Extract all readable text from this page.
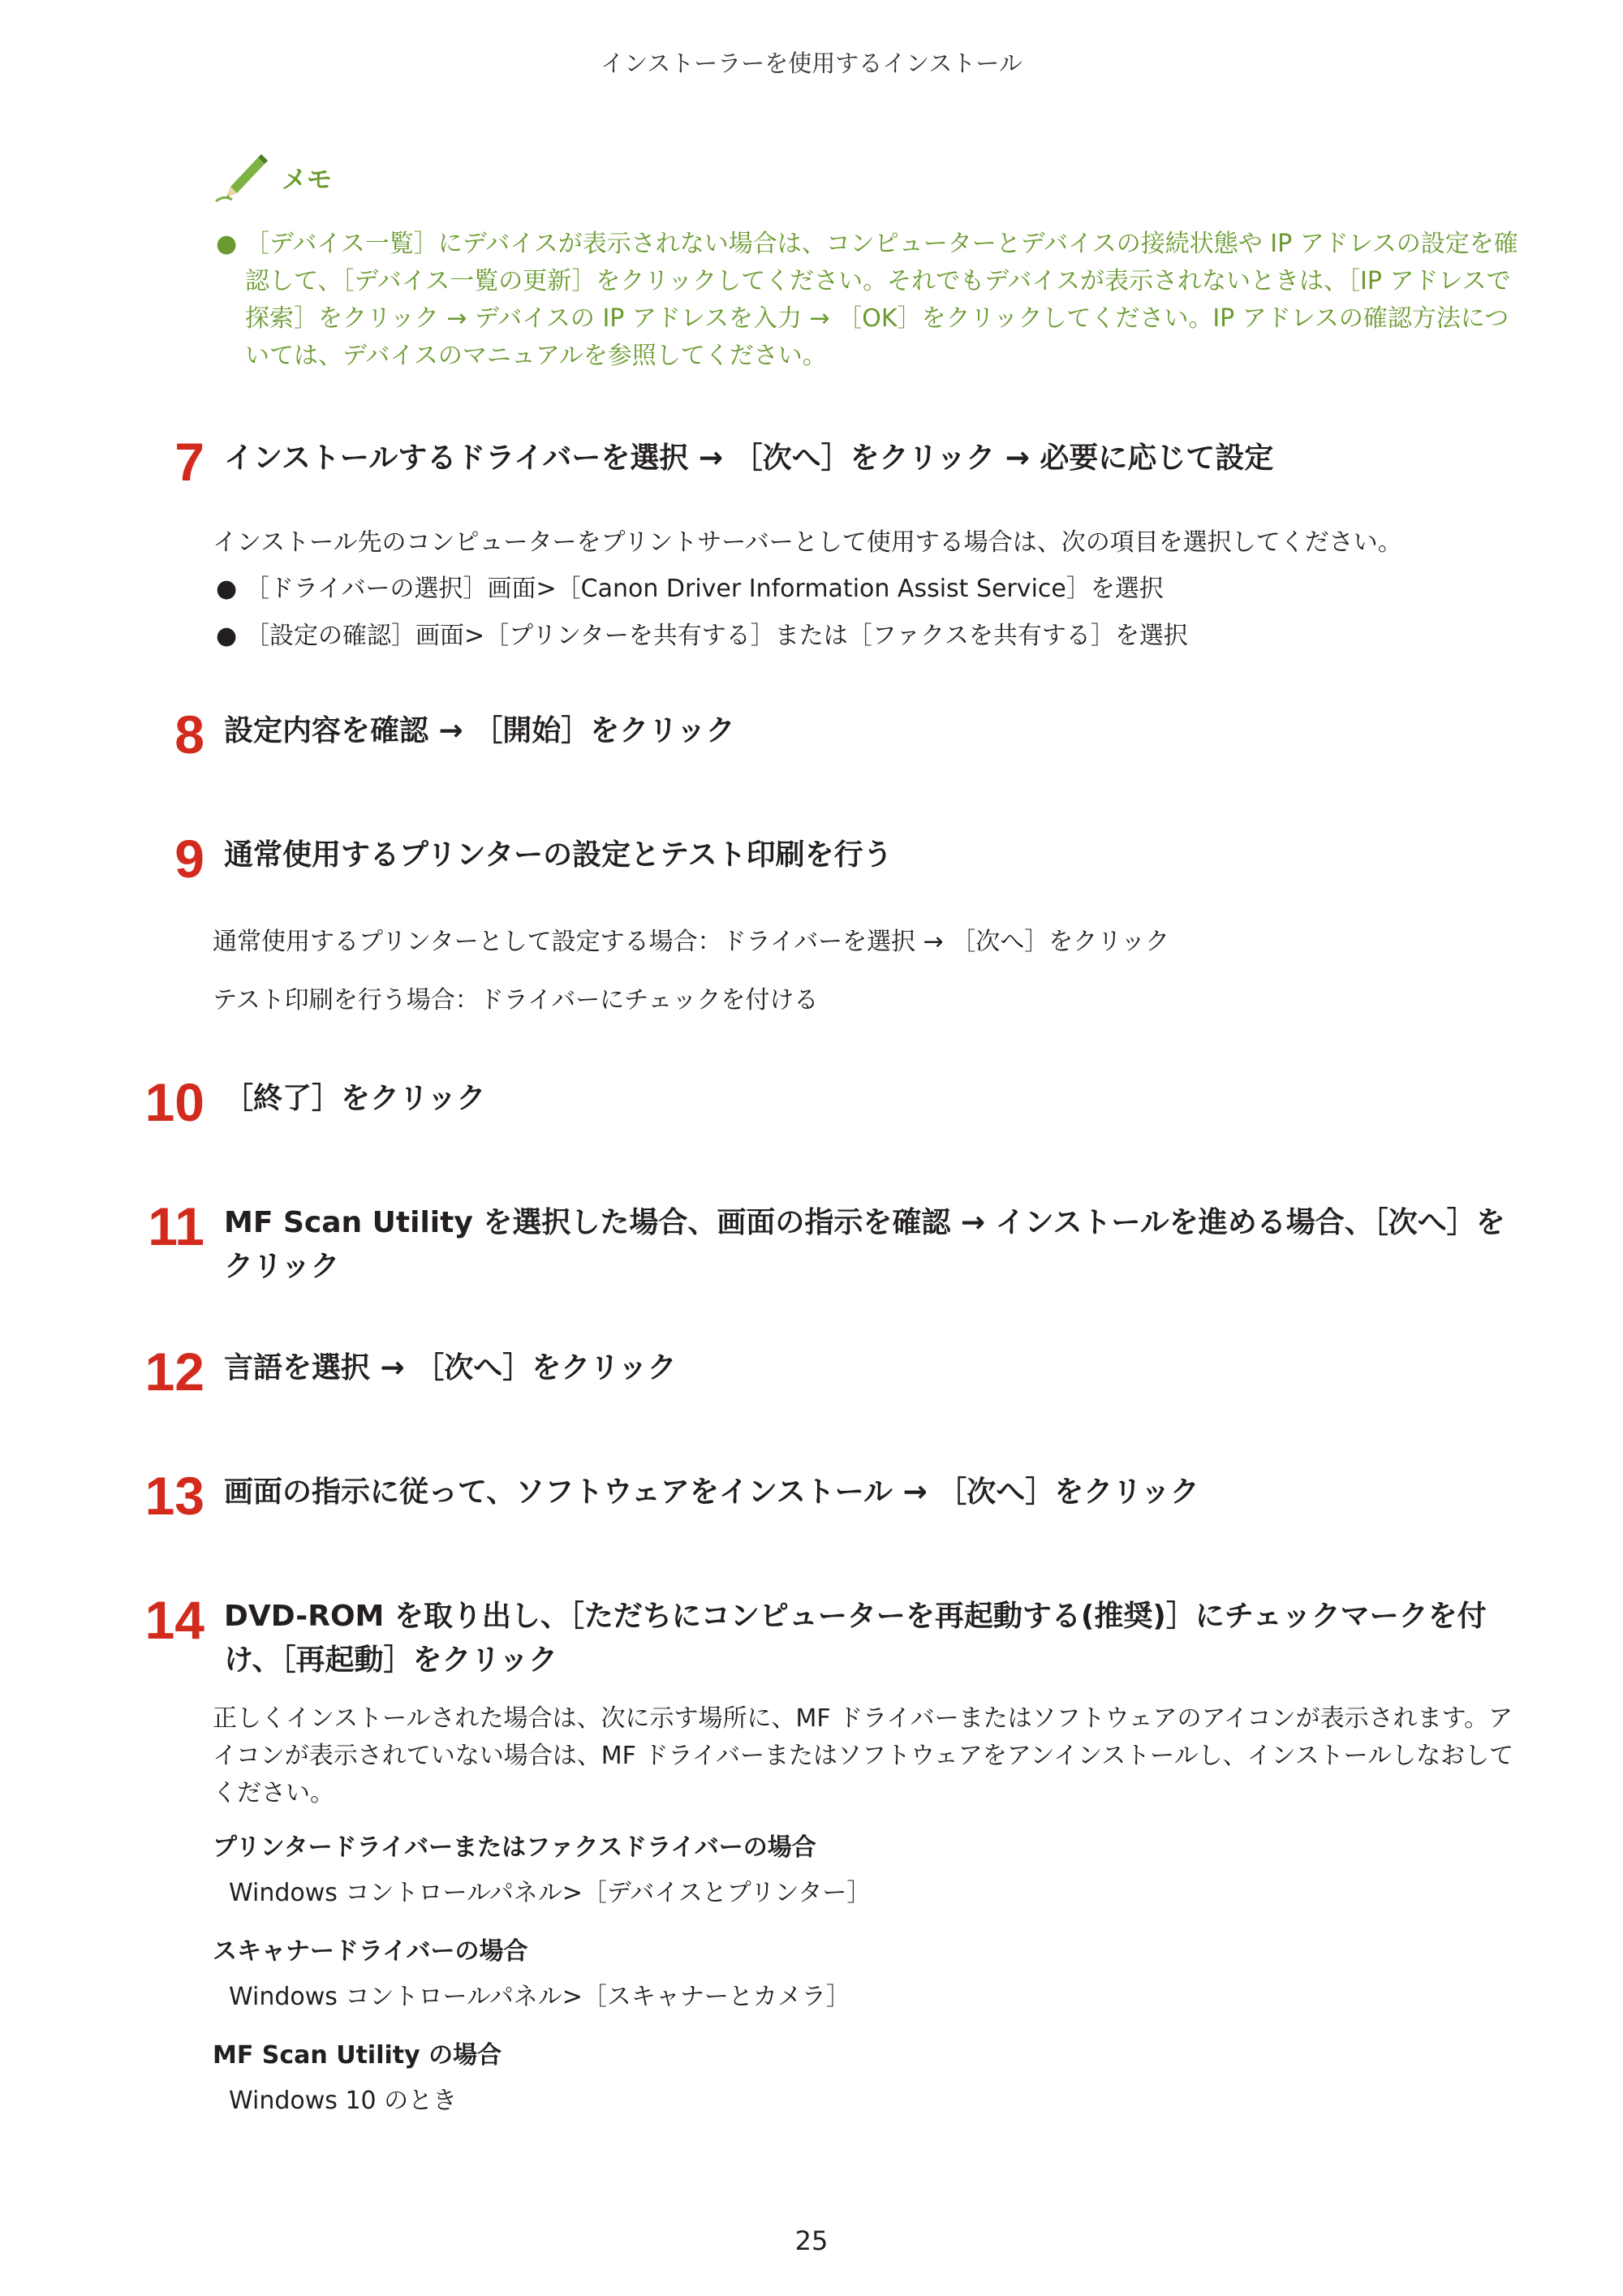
インストーラーを使用するインストール
メモ
● ［デバイス一覧］にデバイスが表示されない場合は、コンピューターとデバイスの接続状態や IP アドレスの設定を確認して、［デバイス一覧の更新］をクリックしてください。それでもデバイスが表示されないときは、［IP アドレスで探索］をクリック → デバイスの IP アドレスを入力 → ［OK］をクリックしてください。IP アドレスの確認方法については、デバイスのマニュアルを参照してください。
7 インストールするドライバーを選択 → ［次へ］をクリック → 必要に応じて設定
インストール先のコンピューターをプリントサーバーとして使用する場合は、次の項目を選択してください。
● ［ドライバーの選択］画面>［Canon Driver Information Assist Service］を選択
● ［設定の確認］画面>［プリンターを共有する］または［ファクスを共有する］を選択
8 設定内容を確認 → ［開始］をクリック
9 通常使用するプリンターの設定とテスト印刷を行う
通常使用するプリンターとして設定する場合：ドライバーを選択 → ［次へ］をクリック
テスト印刷を行う場合：ドライバーにチェックを付ける
10 ［終了］をクリック
11 MF Scan Utility を選択した場合、画面の指示を確認 → インストールを進める場合、［次へ］をクリック
12 言語を選択 → ［次へ］をクリック
13 画面の指示に従って、ソフトウェアをインストール → ［次へ］をクリック
14 DVD-ROM を取り出し、［ただちにコンピューターを再起動する(推奨)］にチェックマークを付け、［再起動］をクリック
正しくインストールされた場合は、次に示す場所に、MF ドライバーまたはソフトウェアのアイコンが表示されます。アイコンが表示されていない場合は、MF ドライバーまたはソフトウェアをアンインストールし、インストールしなおしてください。
プリンタードライバーまたはファクスドライバーの場合
Windows コントロールパネル>［デバイスとプリンター］
スキャナードライバーの場合
Windows コントロールパネル>［スキャナーとカメラ］
MF Scan Utility の場合
Windows 10 のとき
25
